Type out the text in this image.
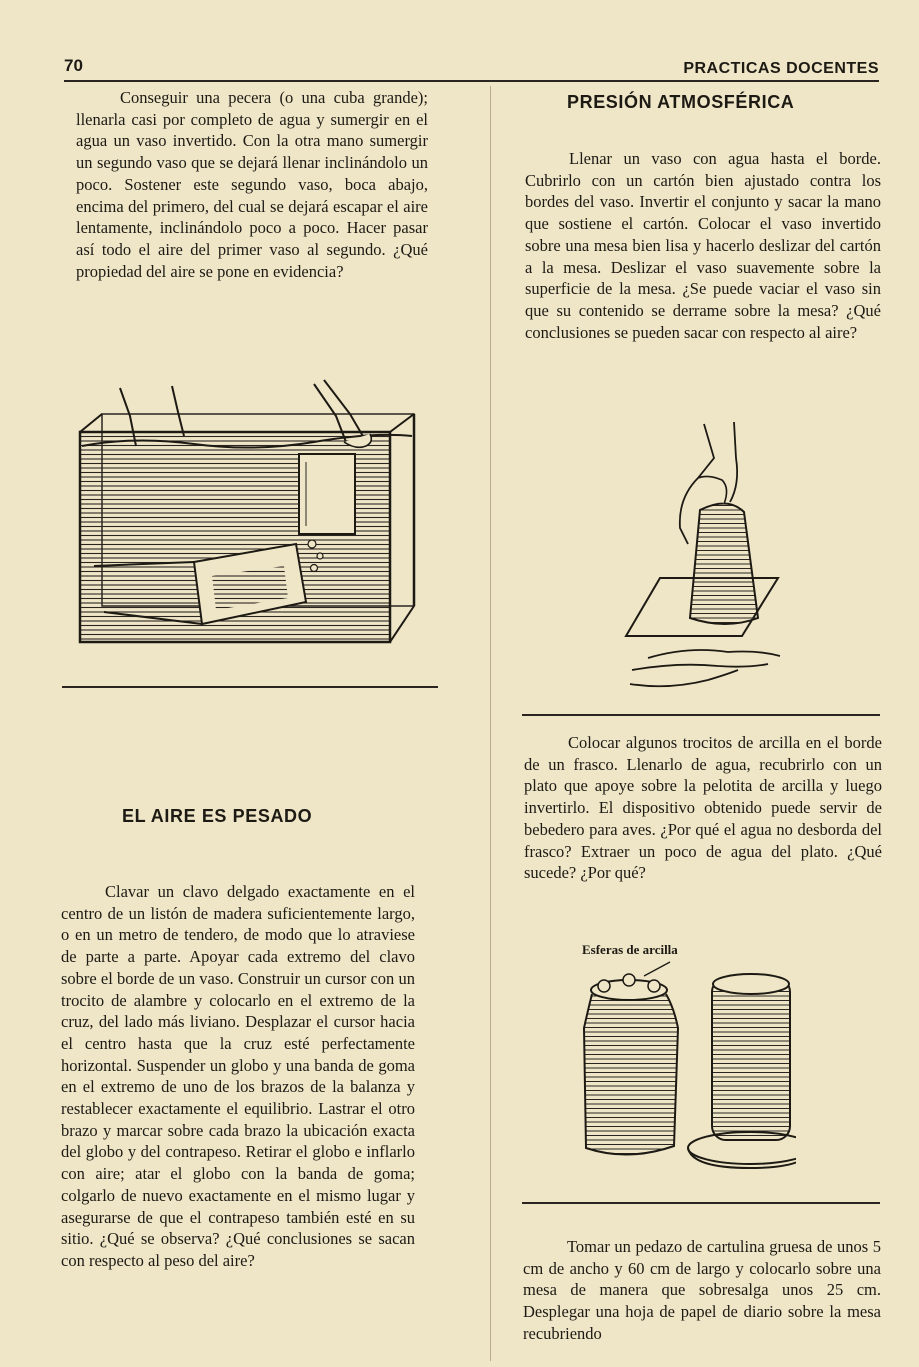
70	PRACTICAS DOCENTES

Conseguir una pecera (o una cuba grande); llenarla casi por completo de agua y sumergir en el agua un vaso invertido. Con la otra mano sumergir un segundo vaso que se dejará llenar inclinándolo un poco. Sostener este segundo vaso, boca abajo, encima del primero, del cual se dejará escapar el aire lentamente, inclinándolo poco a poco. Hacer pasar así todo el aire del primer vaso al segundo. ¿Qué propiedad del aire se pone en evidencia?

EL AIRE ES PESADO

Clavar un clavo delgado exactamente en el centro de un listón de madera suficientemente largo, o en un metro de tendero, de modo que lo atraviese de parte a parte. Apoyar cada extremo del clavo sobre el borde de un vaso. Construir un cursor con un trocito de alambre y colocarlo en el extremo de la cruz, del lado más liviano. Desplazar el cursor hacia el centro hasta que la cruz esté perfectamente horizontal. Suspender un globo y una banda de goma en el extremo de uno de los brazos de la balanza y restablecer exactamente el equilibrio. Lastrar el otro brazo y marcar sobre cada brazo la ubicación exacta del globo y del contrapeso. Retirar el globo e inflarlo con aire; atar el globo con la banda de goma; colgarlo de nuevo exactamente en el mismo lugar y asegurarse de que el contrapeso también esté en su sitio. ¿Qué se observa? ¿Qué conclusiones se sacan con respecto al peso del aire?

PRESIÓN ATMOSFÉRICA

Llenar un vaso con agua hasta el borde. Cubrirlo con un cartón bien ajustado contra los bordes del vaso. Invertir el conjunto y sacar la mano que sostiene el cartón. Colocar el vaso invertido sobre una mesa bien lisa y hacerlo deslizar del cartón a la mesa. Deslizar el vaso suavemente sobre la superficie de la mesa. ¿Se puede vaciar el vaso sin que su contenido se derrame sobre la mesa? ¿Qué conclusiones se pueden sacar con respecto al aire?

Colocar algunos trocitos de arcilla en el borde de un frasco. Llenarlo de agua, recubrirlo con un plato que apoye sobre la pelotita de arcilla y luego invertirlo. El dispositivo obtenido puede servir de bebedero para aves. ¿Por qué el agua no desborda del frasco? Extraer un poco de agua del plato. ¿Qué sucede? ¿Por qué?

Esferas de arcilla

Tomar un pedazo de cartulina gruesa de unos 5 cm de ancho y 60 cm de largo y colocarlo sobre una mesa de manera que sobresalga unos 25 cm. Desplegar una hoja de papel de diario sobre la mesa recubriendo
